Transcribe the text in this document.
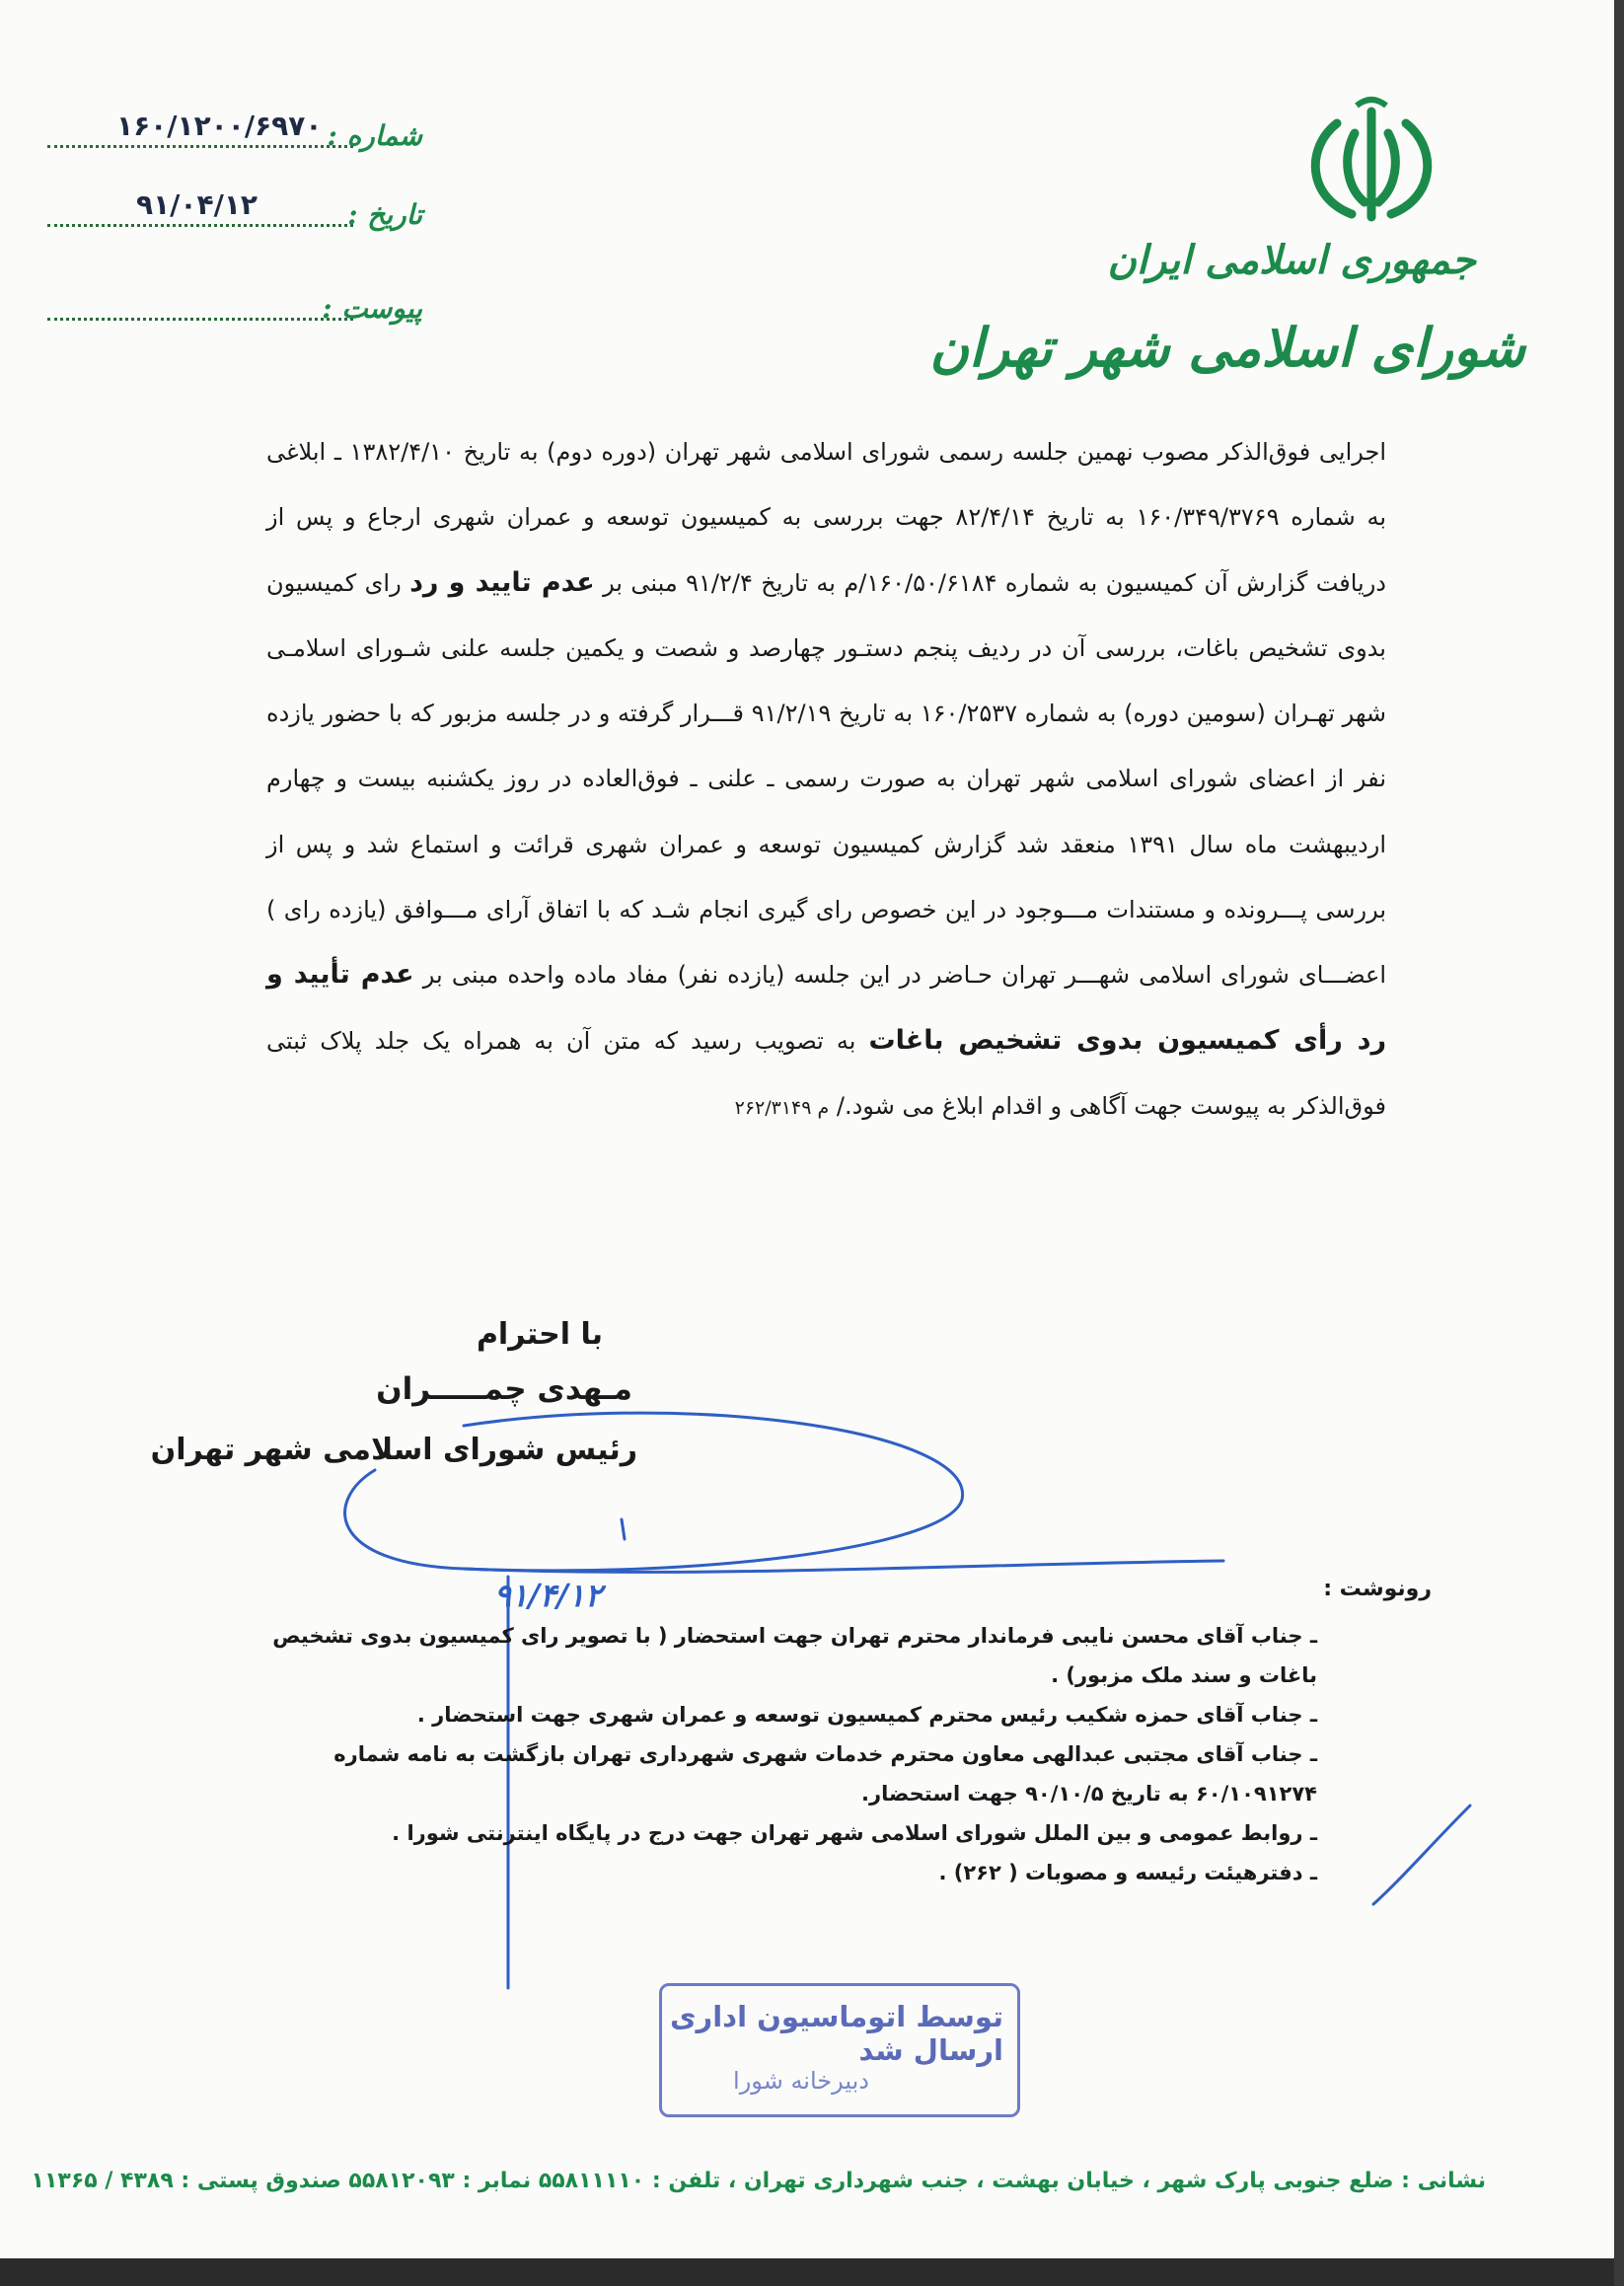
جمهوری اسلامی ایران
شورای اسلامی شهر تهران
۱۶۰/۱۲۰۰/۶۹۷۰ شماره :
۹۱/۰۴/۱۲	تاریخ :
پیوست :
اجرایی فوق‌الذکر مصوب نهمین جلسه رسمی شورای اسلامی شهر تهران (دوره دوم) به تاریخ ۱۳۸۲/۴/۱۰ ـ ابلاغی به شماره ۱۶۰/۳۴۹/۳۷۶۹ به تاریخ ۸۲/۴/۱۴ جهت بررسی به کمیسیون توسعه و عمران شهری ارجاع و پس از دریافت گزارش آن کمیسیون به شماره ۱۶۰/۵۰/۶۱۸۴/م به تاریخ ۹۱/۲/۴ مبنی بر عدم تایید و رد رای کمیسیون بدوی تشخیص باغات، بررسی آن در ردیف پنجم دستـور چهارصد و شصت و یکمین جلسه علنی شـورای اسلامـی شهر تهـران (سومین دوره) به شماره ۱۶۰/۲۵۳۷ به تاریخ ۹۱/۲/۱۹ قـــرار گرفته و در جلسه مزبور که با حضور یازده نفر از اعضای شورای اسلامی شهر تهران به صورت رسمی ـ علنی ـ فوق‌العاده در روز یکشنبه بیست و چهارم اردیبهشت ماه سال ۱۳۹۱ منعقد شد گزارش کمیسیون توسعه و عمران شهری قرائت و استماع شد و پس از بررسی پـــرونده و مستندات مـــوجود در این خصوص رای گیری انجام شـد که با اتفاق آرای مـــوافق (یازده رای ) اعضـــای شورای اسلامی شهـــر تهران حـاضر در این جلسه (یازده نفر) مفاد ماده واحده مبنی بر عدم تأیید و رد رأی کمیسیون بدوی تشخیص باغات به تصویب رسید که متن آن به همراه یک جلد پلاک ثبتی فوق‌الذکر به پیوست جهت آگاهی و اقدام ابلاغ می شود./ م ۲۶۲/۳۱۴۹
با احترام
مـهدی چمـــــران
رئیس شورای اسلامی شهر تهران
۹۱/۴/۱۲	رونوشت :
ـ جناب آقای محسن نایبی فرماندار محترم تهران جهت استحضار ( با تصویر رای کمیسیون بدوی تشخیص باغات و سند ملک مزبور) .
ـ جناب آقای حمزه شکیب رئیس محترم کمیسیون توسعه و عمران شهری جهت استحضار .
ـ جناب آقای مجتبی عبدالهی معاون محترم خدمات شهری شهرداری تهران بازگشت به نامه شماره ۶۰/۱۰۹۱۲۷۴ به تاریخ ۹۰/۱۰/۵ جهت استحضار.
ـ روابط عمومی و بین الملل شورای اسلامی شهر تهران جهت درج در پایگاه اینترنتی شورا .
ـ دفترهیئت رئیسه و مصوبات ( ۲۶۲) .
توسط اتوماسیون اداری ارسال شد
دبیرخانه شورا
نشانی : ضلع جنوبی پارک شهر ، خیابان بهشت ، جنب شهرداری تهران ، تلفن : ۵۵۸۱۱۱۱۰ نمابر : ۵۵۸۱۲۰۹۳ صندوق پستی : ۴۳۸۹ / ۱۱۳۶۵
